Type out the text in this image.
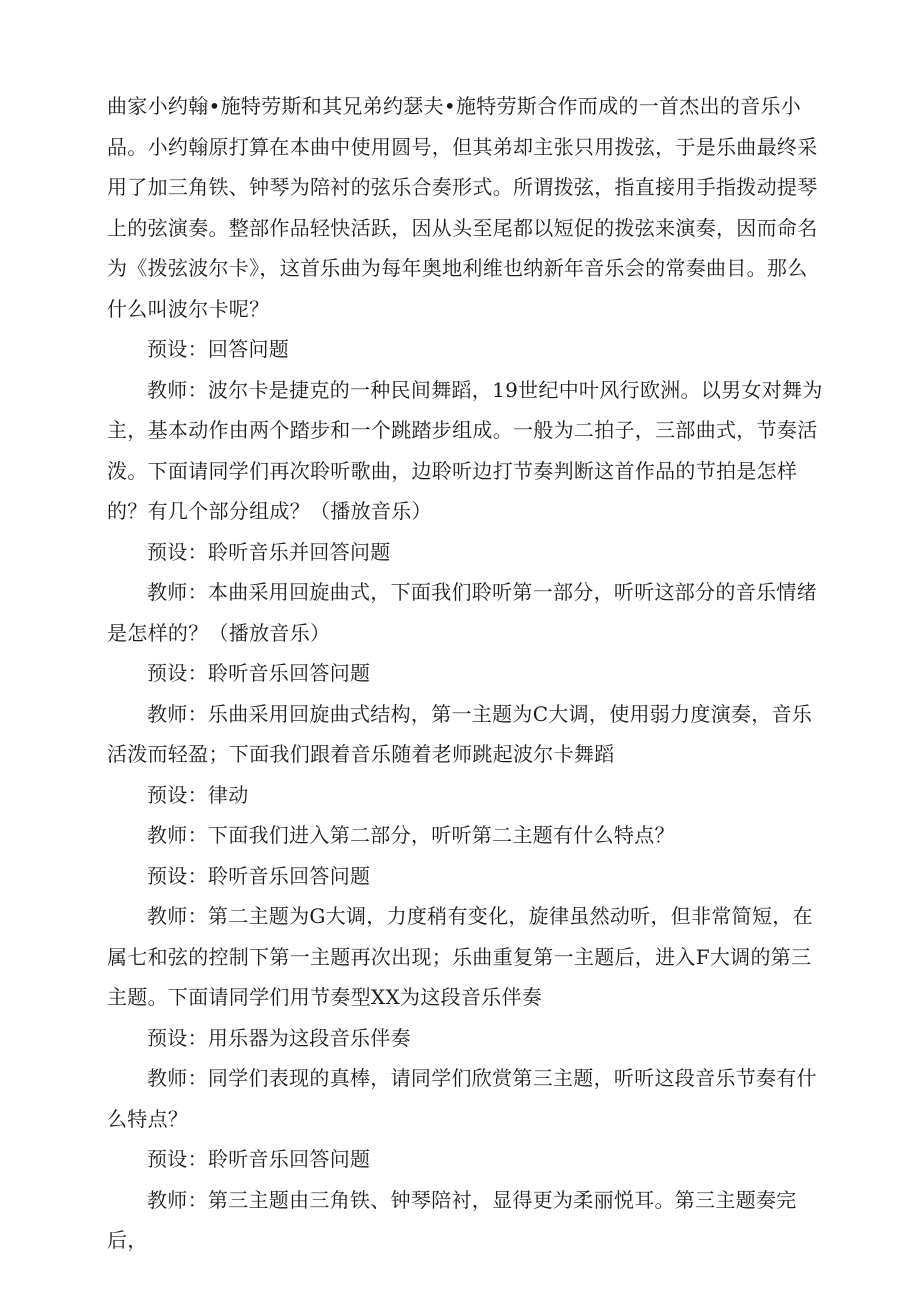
曲家小约翰•施特劳斯和其兄弟约瑟夫•施特劳斯合作而成的一首杰出的音乐小品。小约翰原打算在本曲中使用圆号，但其弟却主张只用拨弦，于是乐曲最终采用了加三角铁、钟琴为陪衬的弦乐合奏形式。所谓拨弦，指直接用手指拨动提琴上的弦演奏。整部作品轻快活跃，因从头至尾都以短促的拨弦来演奏，因而命名为《拨弦波尔卡》，这首乐曲为每年奥地利维也纳新年音乐会的常奏曲目。那么什么叫波尔卡呢？

预设：回答问题

教师：波尔卡是捷克的一种民间舞蹈，19世纪中叶风行欧洲。以男女对舞为主，基本动作由两个踏步和一个跳踏步组成。一般为二拍子，三部曲式，节奏活泼。下面请同学们再次聆听歌曲，边聆听边打节奏判断这首作品的节拍是怎样的？有几个部分组成？（播放音乐）

预设：聆听音乐并回答问题

教师：本曲采用回旋曲式，下面我们聆听第一部分，听听这部分的音乐情绪是怎样的？（播放音乐）

预设：聆听音乐回答问题

教师：乐曲采用回旋曲式结构，第一主题为C大调，使用弱力度演奏，音乐活泼而轻盈；下面我们跟着音乐随着老师跳起波尔卡舞蹈

预设：律动

教师：下面我们进入第二部分，听听第二主题有什么特点？

预设：聆听音乐回答问题

教师：第二主题为G大调，力度稍有变化，旋律虽然动听，但非常简短，在属七和弦的控制下第一主题再次出现；乐曲重复第一主题后，进入F大调的第三主题。下面请同学们用节奏型XX为这段音乐伴奏

预设：用乐器为这段音乐伴奏

教师：同学们表现的真棒，请同学们欣赏第三主题，听听这段音乐节奏有什么特点？

预设：聆听音乐回答问题

教师：第三主题由三角铁、钟琴陪衬，显得更为柔丽悦耳。第三主题奏完后，
